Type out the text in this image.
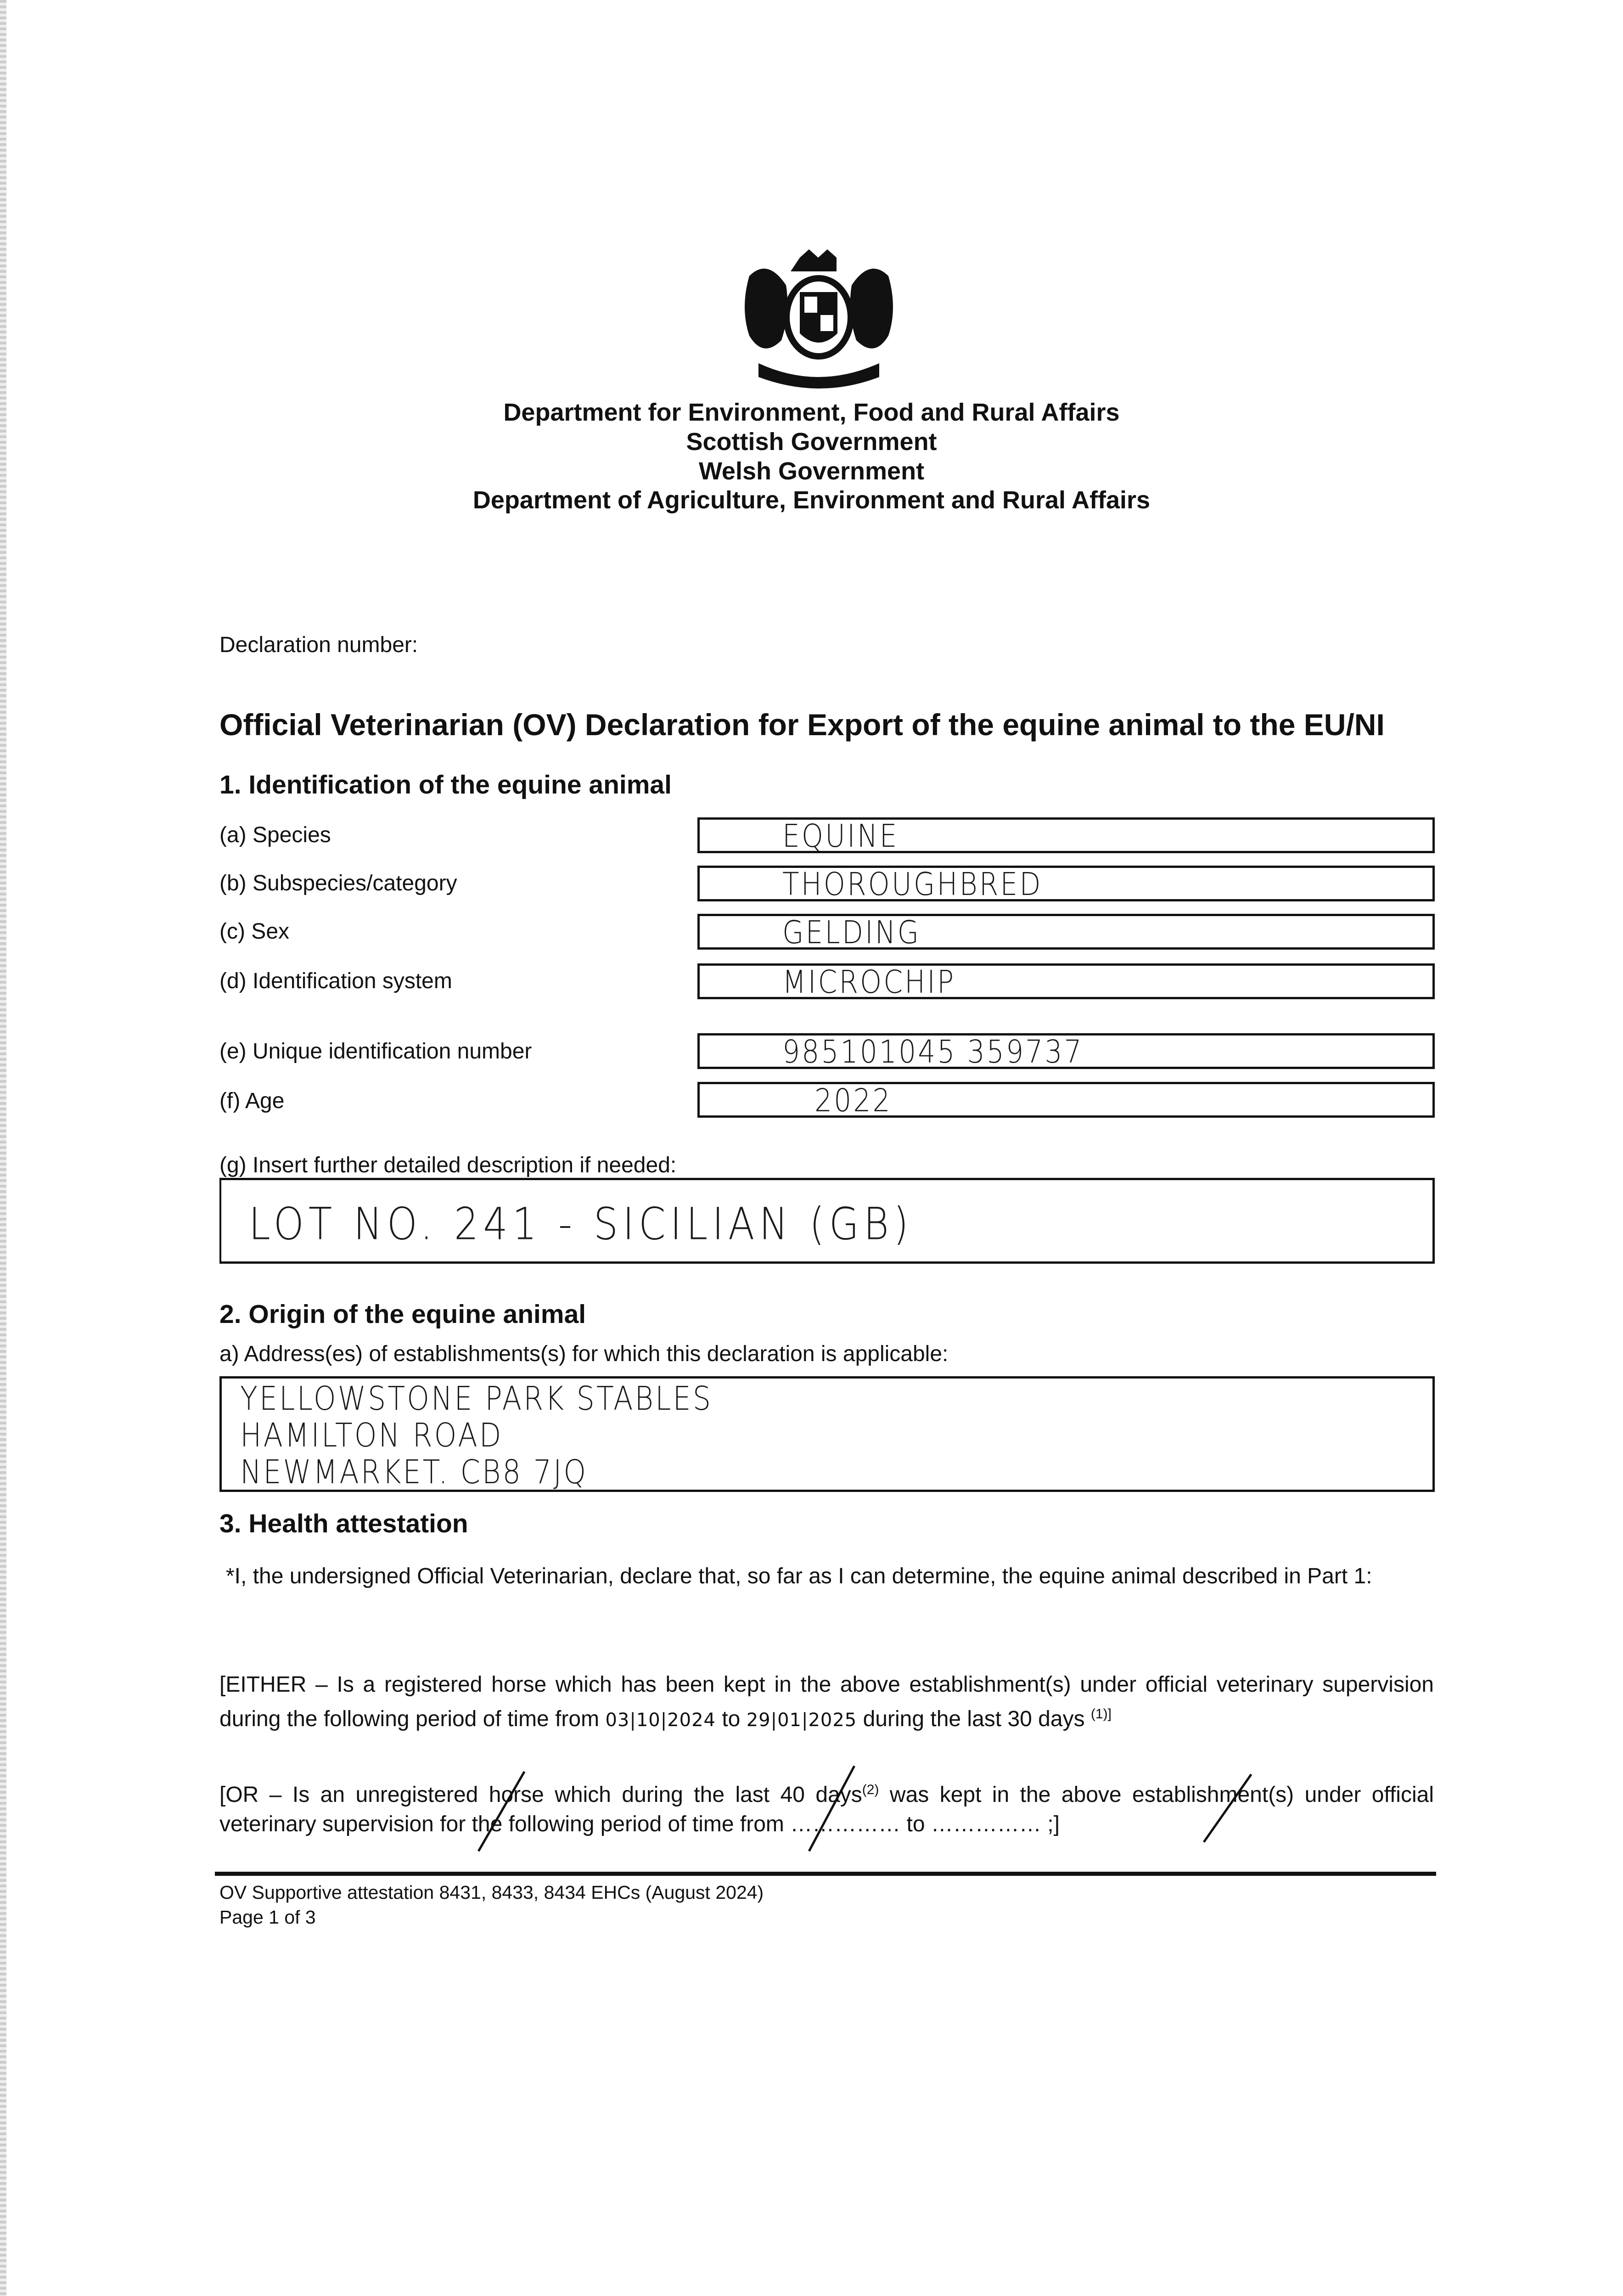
Department for Environment, Food and Rural Affairs
Scottish Government
Welsh Government
Department of Agriculture, Environment and Rural Affairs
Declaration number:
Official Veterinarian (OV) Declaration for Export of the equine animal to the EU/NI
1. Identification of the equine animal
(a) Species	EQUINE
(b) Subspecies/category	THOROUGHBRED
(c) Sex	GELDING
(d) Identification system	MICROCHIP
(e) Unique identification number	985101045 359737
(f) Age	2022
(g) Insert further detailed description if needed:
LOT NO. 241 - SICILIAN (GB)
2. Origin of the equine animal
a) Address(es) of establishments(s) for which this declaration is applicable:
YELLOWSTONE PARK STABLES
HAMILTON ROAD
NEWMARKET. CB8 7JQ
3. Health attestation
*I, the undersigned Official Veterinarian, declare that, so far as I can determine, the equine animal described in Part 1:
[EITHER – Is a registered horse which has been kept in the above establishment(s) under official veterinary supervision during the following period of time from 03|10|2024 to 29|01|2025 during the last 30 days $^{(1)]}$
[OR – Is an unregistered horse which during the last 40 days$^{(2)}$ was kept in the above establishment(s) under official veterinary supervision for the following period of time from …………… to …………… ;]
OV Supportive attestation 8431, 8433, 8434 EHCs (August 2024)
Page 1 of 3
